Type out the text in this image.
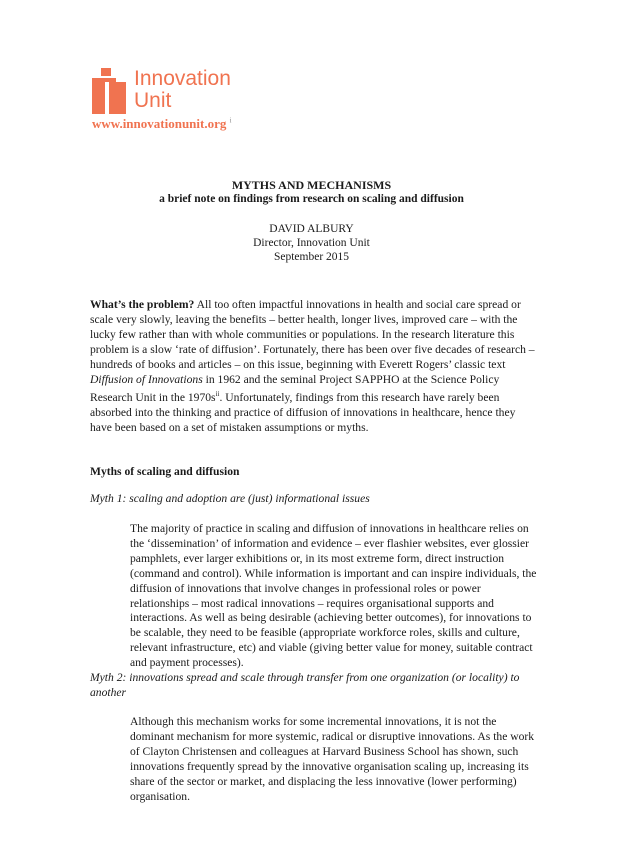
Innovation
Unit
www.innovationunit.org $^i$
MYTHS AND MECHANISMS
a brief note on findings from research on scaling and diffusion
DAVID ALBURY
Director, Innovation Unit
September 2015

What’s the problem? All too often impactful innovations in health and social care spread or scale very slowly, leaving the benefits – better health, longer lives, improved care – with the lucky few rather than with whole communities or populations. In the research literature this problem is a slow ‘rate of diffusion’. Fortunately, there has been over five decades of research – hundreds of books and articles – on this issue, beginning with Everett Rogers’ classic text Diffusion of Innovations in 1962 and the seminal Project SAPPHO at the Science Policy Research Unit in the 1970s$^{ii}$. Unfortunately, findings from this research have rarely been absorbed into the thinking and practice of diffusion of innovations in healthcare, hence they have been based on a set of mistaken assumptions or myths.

Myths of scaling and diffusion
Myth 1: scaling and adoption are (just) informational issues

The majority of practice in scaling and diffusion of innovations in healthcare relies on the ‘dissemination’ of information and evidence – ever flashier websites, ever glossier pamphlets, ever larger exhibitions or, in its most extreme form, direct instruction (command and control). While information is important and can inspire individuals, the diffusion of innovations that involve changes in professional roles or power relationships – most radical innovations – requires organisational supports and interactions. As well as being desirable (achieving better outcomes), for innovations to be scalable, they need to be feasible (appropriate workforce roles, skills and culture, relevant infrastructure, etc) and viable (giving better value for money, suitable contract and payment processes).

Myth 2: innovations spread and scale through transfer from one organization (or locality) to another

Although this mechanism works for some incremental innovations, it is not the dominant mechanism for more systemic, radical or disruptive innovations. As the work of Clayton Christensen and colleagues at Harvard Business School has shown, such innovations frequently spread by the innovative organisation scaling up, increasing its share of the sector or market, and displacing the less innovative (lower performing) organisation.
